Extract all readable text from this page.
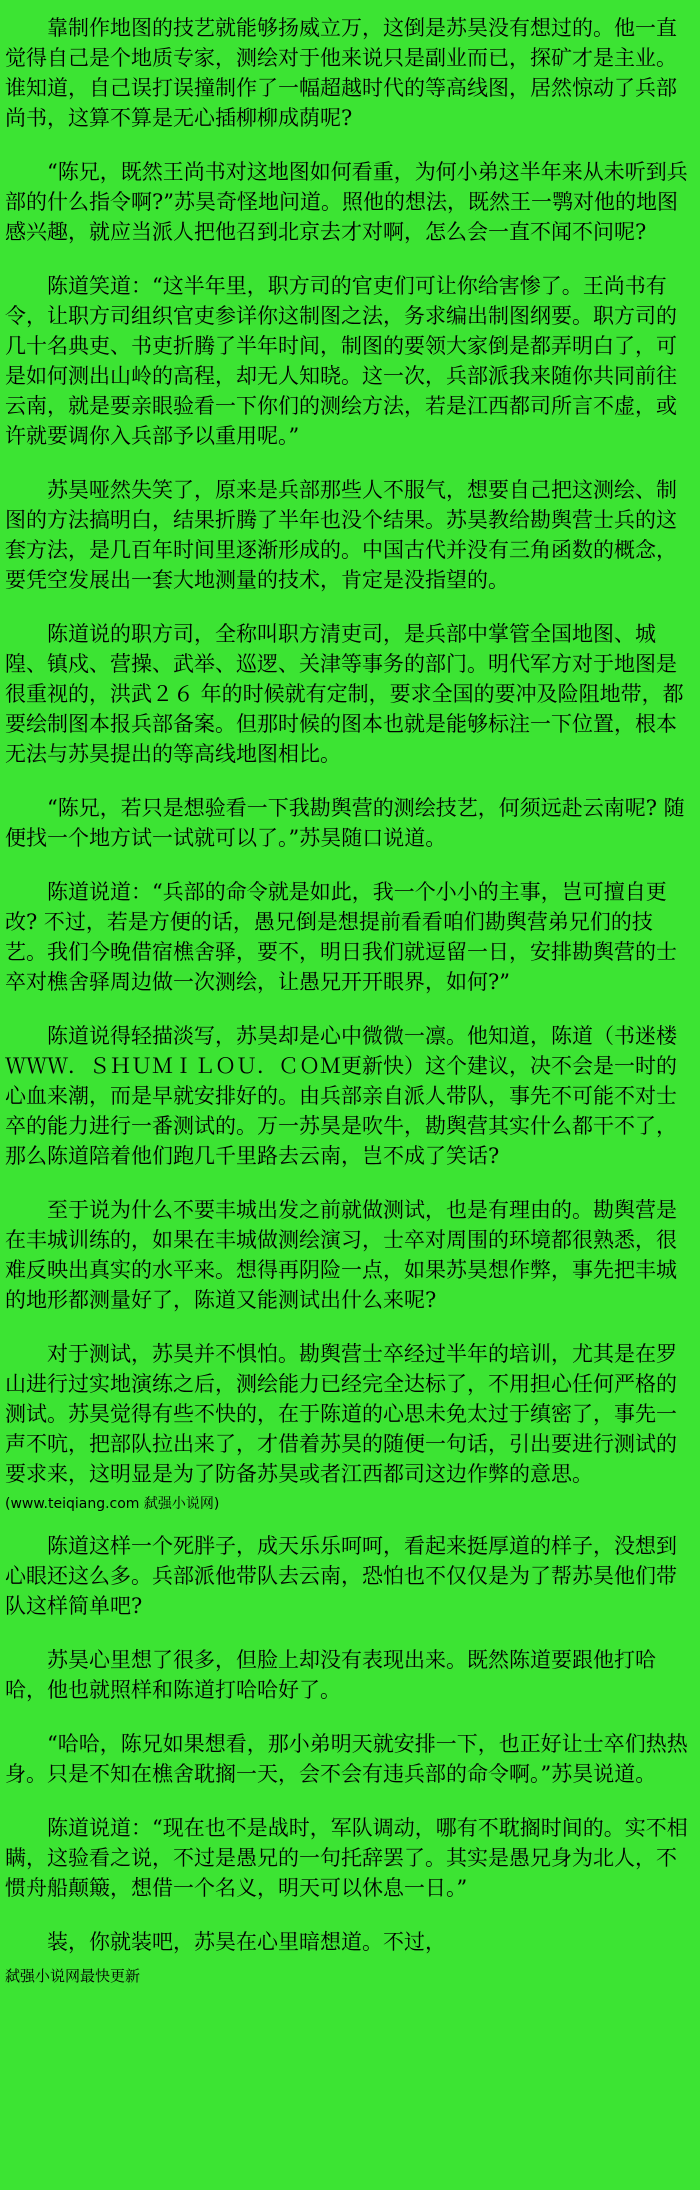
靠制作地图的技艺就能够扬威立万，这倒是苏昊没有想过的。他一直觉得自己是个地质专家，测绘对于他来说只是副业而已，探矿才是主业。谁知道，自己误打误撞制作了一幅超越时代的等高线图，居然惊动了兵部尚书，这算不算是无心插柳柳成荫呢?

“陈兄，既然王尚书对这地图如何看重，为何小弟这半年来从未听到兵部的什么指令啊?”苏昊奇怪地问道。照他的想法，既然王一鹗对他的地图感兴趣，就应当派人把他召到北京去才对啊，怎么会一直不闻不问呢?

陈道笑道：“这半年里，职方司的官吏们可让你给害惨了。王尚书有令，让职方司组织官吏参详你这制图之法，务求编出制图纲要。职方司的几十名典吏、书吏折腾了半年时间，制图的要领大家倒是都弄明白了，可是如何测出山岭的高程，却无人知晓。这一次，兵部派我来随你共同前往云南，就是要亲眼验看一下你们的测绘方法，若是江西都司所言不虚，或许就要调你入兵部予以重用呢。”

苏昊哑然失笑了，原来是兵部那些人不服气，想要自己把这测绘、制图的方法搞明白，结果折腾了半年也没个结果。苏昊教给勘舆营士兵的这套方法，是几百年时间里逐渐形成的。中国古代并没有三角函数的概念，要凭空发展出一套大地测量的技术，肯定是没指望的。

陈道说的职方司，全称叫职方清吏司，是兵部中掌管全国地图、城隍、镇戍、营操、武举、巡逻、关津等事务的部门。明代军方对于地图是很重视的，洪武２６ 年的时候就有定制，要求全国的要冲及险阻地带，都要绘制图本报兵部备案。但那时候的图本也就是能够标注一下位置，根本无法与苏昊提出的等高线地图相比。

“陈兄，若只是想验看一下我勘舆营的测绘技艺，何须远赴云南呢? 随便找一个地方试一试就可以了。”苏昊随口说道。

陈道说道：“兵部的命令就是如此，我一个小小的主事，岂可擅自更改? 不过，若是方便的话，愚兄倒是想提前看看咱们勘舆营弟兄们的技艺。我们今晚借宿樵舍驿，要不，明日我们就逗留一日，安排勘舆营的士卒对樵舍驿周边做一次测绘，让愚兄开开眼界，如何?”

陈道说得轻描淡写，苏昊却是心中微微一凛。他知道，陈道（书迷楼ＷＷＷ．ＳＨＵＭＩＬＯＵ．ＣＯＭ更新快）这个建议，决不会是一时的心血来潮，而是早就安排好的。由兵部亲自派人带队，事先不可能不对士卒的能力进行一番测试的。万一苏昊是吹牛，勘舆营其实什么都干不了，那么陈道陪着他们跑几千里路去云南，岂不成了笑话?

至于说为什么不要丰城出发之前就做测试，也是有理由的。勘舆营是在丰城训练的，如果在丰城做测绘演习，士卒对周围的环境都很熟悉，很难反映出真实的水平来。想得再阴险一点，如果苏昊想作弊，事先把丰城的地形都测量好了，陈道又能测试出什么来呢?

对于测试，苏昊并不惧怕。勘舆营士卒经过半年的培训，尤其是在罗山进行过实地演练之后，测绘能力已经完全达标了，不用担心任何严格的测试。苏昊觉得有些不快的，在于陈道的心思未免太过于缜密了，事先一声不吭，把部队拉出来了，才借着苏昊的随便一句话，引出要进行测试的要求来，这明显是为了防备苏昊或者江西都司这边作弊的意思。

(www.teiqiang.com 弑强小说网)

陈道这样一个死胖子，成天乐乐呵呵，看起来挺厚道的样子，没想到心眼还这么多。兵部派他带队去云南，恐怕也不仅仅是为了帮苏昊他们带队这样简单吧?

苏昊心里想了很多，但脸上却没有表现出来。既然陈道要跟他打哈哈，他也就照样和陈道打哈哈好了。

“哈哈，陈兄如果想看，那小弟明天就安排一下，也正好让士卒们热热身。只是不知在樵舍耽搁一天，会不会有违兵部的命令啊。”苏昊说道。

陈道说道：“现在也不是战时，军队调动，哪有不耽搁时间的。实不相瞒，这验看之说，不过是愚兄的一句托辞罢了。其实是愚兄身为北人，不惯舟船颠簸，想借一个名义，明天可以休息一日。”

装，你就装吧，苏昊在心里暗想道。不过，

弑强小说网最快更新
